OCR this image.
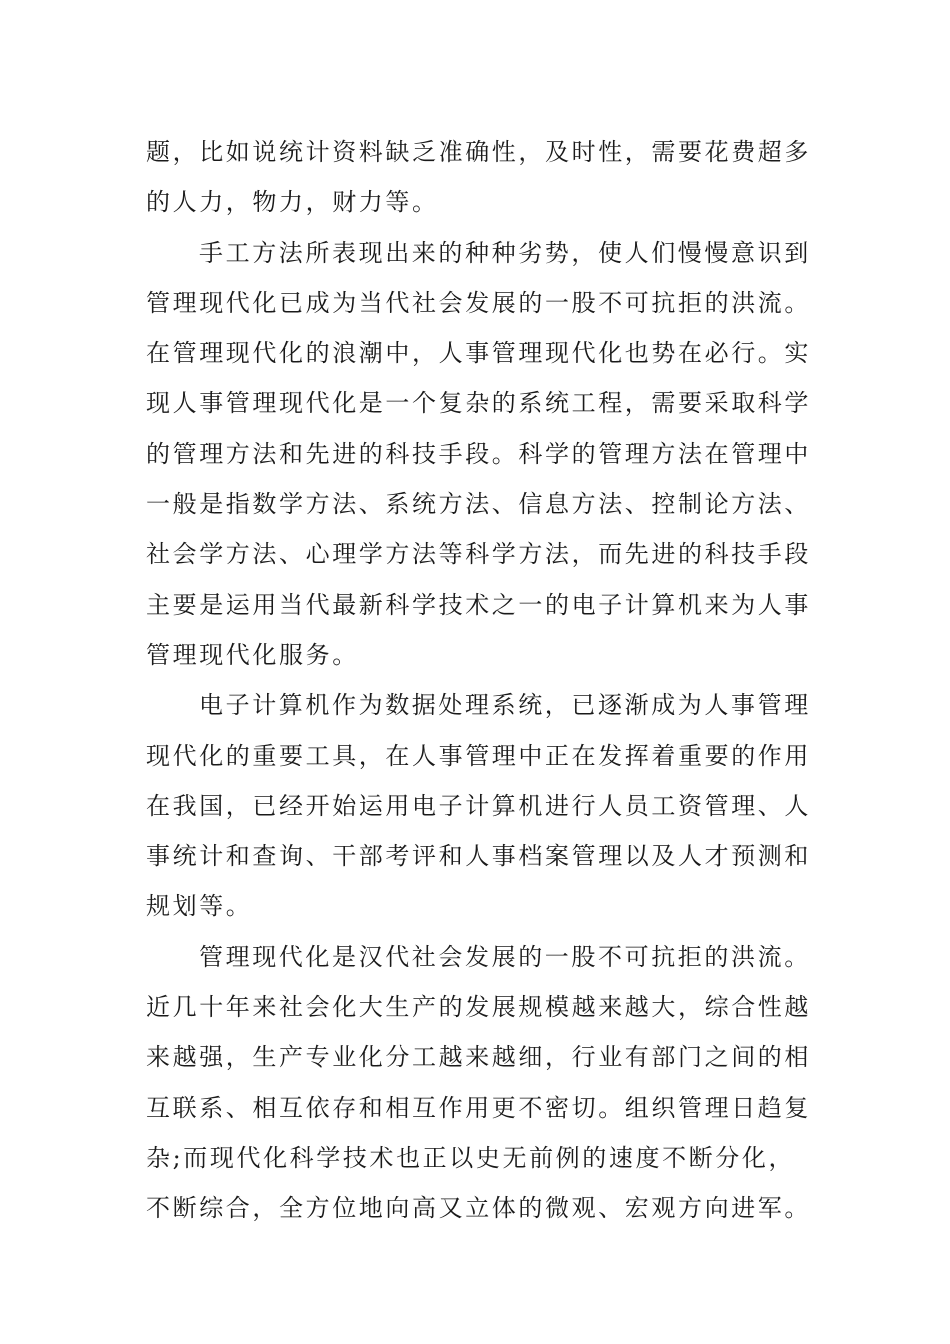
题，比如说统计资料缺乏准确性，及时性，需要花费超多
的人力，物力，财力等。
手工方法所表现出来的种种劣势，使人们慢慢意识到
管理现代化已成为当代社会发展的一股不可抗拒的洪流。
在管理现代化的浪潮中，人事管理现代化也势在必行。实
现人事管理现代化是一个复杂的系统工程，需要采取科学
的管理方法和先进的科技手段。科学的管理方法在管理中
一般是指数学方法、系统方法、信息方法、控制论方法、
社会学方法、心理学方法等科学方法，而先进的科技手段
主要是运用当代最新科学技术之一的电子计算机来为人事
管理现代化服务。
电子计算机作为数据处理系统，已逐渐成为人事管理
现代化的重要工具，在人事管理中正在发挥着重要的作用
在我国，已经开始运用电子计算机进行人员工资管理、人
事统计和查询、干部考评和人事档案管理以及人才预测和
规划等。
管理现代化是汉代社会发展的一股不可抗拒的洪流。
近几十年来社会化大生产的发展规模越来越大，综合性越
来越强，生产专业化分工越来越细，行业有部门之间的相
互联系、相互依存和相互作用更不密切。组织管理日趋复
杂;而现代化科学技术也正以史无前例的速度不断分化，
不断综合，全方位地向高又立体的微观、宏观方向进军。
